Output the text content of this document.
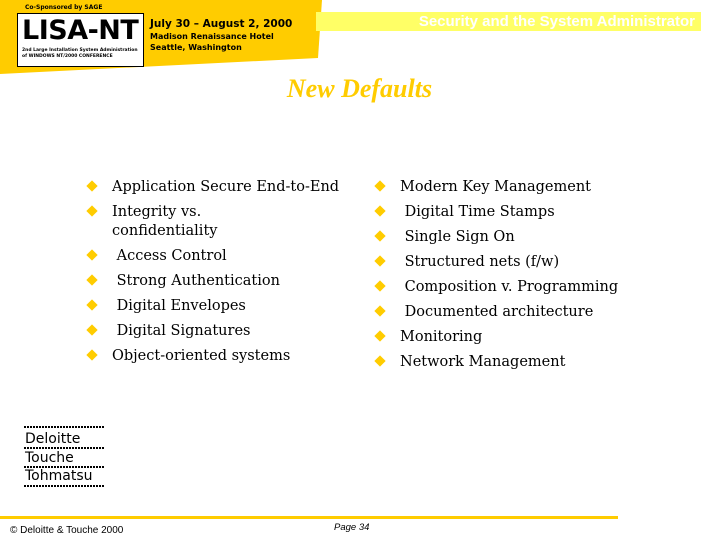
Co-Sponsored by SAGE
LISA-NT
2nd Large Installation System Administration of WINDOWS NT/2000 CONFERENCE
July 30 – August 2, 2000
Madison Renaissance Hotel
Seattle, Washington
Security and the System Administrator
New Defaults
Application Secure End-to-End
Integrity vs.
confidentiality
Access Control
Strong Authentication
Digital Envelopes
Digital Signatures
Object-oriented systems
Modern Key Management
Digital Time Stamps
Single Sign On
Structured nets (f/w)
Composition v. Programming
Documented architecture
Monitoring
Network Management
Deloitte
Touche
Tohmatsu
© Deloitte & Touche 2000	Page 34
